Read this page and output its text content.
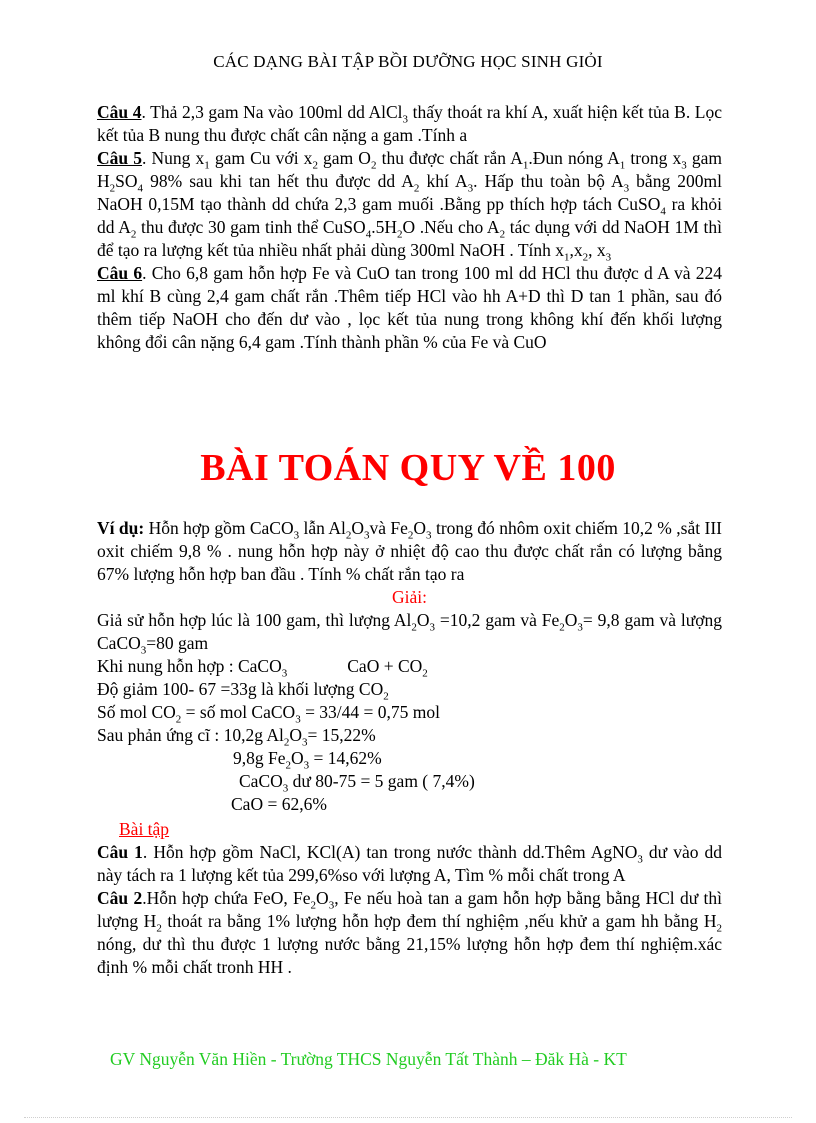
CÁC DẠNG BÀI TẬP BỒI DƯỠNG HỌC SINH GIỎI

Câu 4. Thả 2,3 gam Na vào 100ml dd AlCl$_3$ thấy thoát ra khí A, xuất hiện kết tủa B. Lọc kết tủa B nung thu được chất cân nặng a gam .Tính a

Câu 5. Nung $x_1$ gam Cu với $x_2$ gam $O_2$ thu được chất rắn $A_1.Đun$ nóng $A_1$ trong $x_3$ gam $H_2SO_4$ 98% sau khi tan hết thu được dd $A_2$ khí $A_3$. Hấp thu toàn bộ $A_3$ bằng 200ml NaOH 0,15M tạo thành dd chứa 2,3 gam muối .Bằng pp thích hợp tách CuSO$_4$ ra khỏi dd $A_2$ thu được 30 gam tinh thể $CuSO_4.5H_2O$ .Nếu cho $A_2$ tác dụng với dd NaOH 1M thì để tạo ra lượng kết tủa nhiều nhất phải dùng 300ml NaOH . Tính $x_1,x_2$, $x_3$

Câu 6. Cho 6,8 gam hỗn hợp Fe và CuO tan trong 100 ml dd HCl thu được d A và 224 ml khí B cùng 2,4 gam chất rắn .Thêm tiếp HCl vào hh A+D thì D tan 1 phần, sau đó thêm tiếp NaOH cho đến dư vào , lọc kết tủa nung trong không khí đến khối lượng không đổi cân nặng 6,4 gam .Tính thành phần % của Fe và CuO

BÀI TOÁN QUY VỀ 100

Ví dụ: Hỗn hợp gồm CaCO$_3$ lẫn $Al_2O_3và$ $Fe_2O_3$ trong đó nhôm oxit chiếm 10,2 % ,sắt III oxit chiếm 9,8 % . nung hỗn hợp này ở nhiệt độ cao thu được chất rắn có lượng bằng 67% lượng hỗn hợp ban đầu . Tính % chất rắn tạo ra

Giải:

Giả sử hỗn hợp lúc là 100 gam, thì lượng $Al_2O_3 =10,2$ gam và $Fe_2O_3= 9,8$ gam và lượng CaCO$_3$=80 gam

Khi nung hỗn hợp : CaCO$_3$	CaO + $CO_2$

Độ giảm 100- 67 =33g là khối lượng $CO_2$

Số mol $CO_2$ = số mol CaCO$_3$ = 33/44 = 0,75 mol

Sau phản ứng cĩ : 10,2g $Al_2O_3= 15,22\%$

9,8g $Fe_2O_3 = 14,62\%$

CaCO$_3$ dư 80-75 = 5 gam ( 7,4%)

CaO = 62,6%

Bài tập

Câu 1. Hỗn hợp gồm NaCl, KCl(A) tan trong nước thành dd.Thêm AgNO$_3$ dư vào dd này tách ra 1 lượng kết tủa 299,6%so với lượng A, Tìm % mỗi chất trong A

Câu 2.Hỗn hợp chứa FeO, $Fe_2O_3$, Fe nếu hoà tan a gam hỗn hợp bằng bằng HCl dư thì lượng $H_2$ thoát ra bằng 1% lượng hỗn hợp đem thí nghiệm ,nếu khử a gam hh bằng $H_2$ nóng, dư thì thu được 1 lượng nước bằng 21,15% lượng hỗn hợp đem thí nghiệm.xác định % mỗi chất tronh HH .

GV Nguyễn Văn Hiền - Trường THCS Nguyễn Tất Thành – Đăk Hà - KT
